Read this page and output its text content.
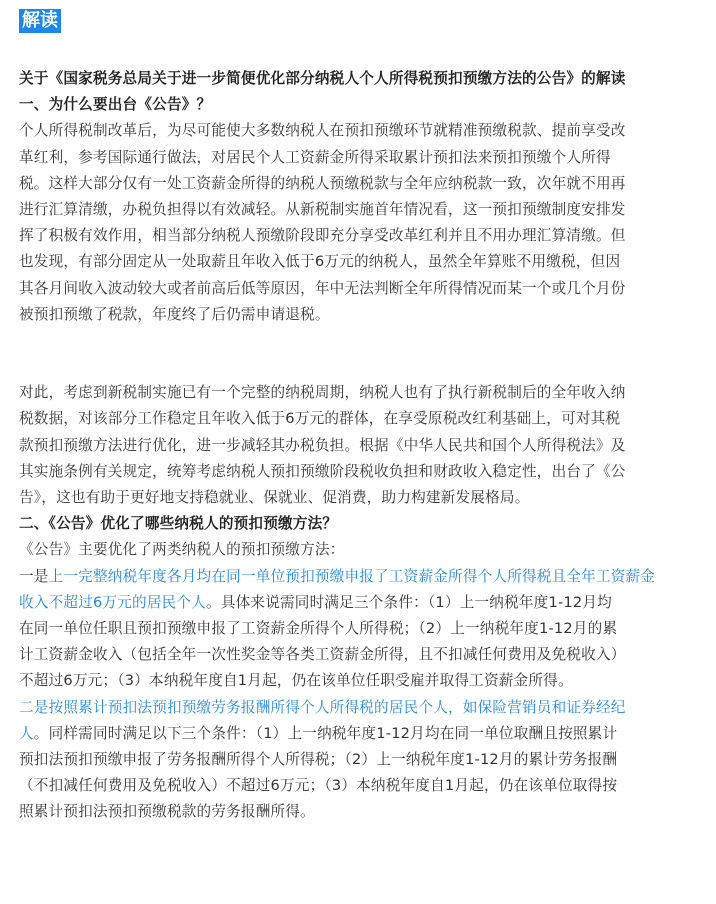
解读
关于《国家税务总局关于进一步简便优化部分纳税人个人所得税预扣预缴方法的公告》的解读
一、为什么要出台《公告》？
个人所得税制改革后，为尽可能使大多数纳税人在预扣预缴环节就精准预缴税款、提前享受改
革红利，参考国际通行做法，对居民个人工资薪金所得采取累计预扣法来预扣预缴个人所得
税。这样大部分仅有一处工资薪金所得的纳税人预缴税款与全年应纳税款一致，次年就不用再
进行汇算清缴，办税负担得以有效减轻。从新税制实施首年情况看，这一预扣预缴制度安排发
挥了积极有效作用，相当部分纳税人预缴阶段即充分享受改革红利并且不用办理汇算清缴。但
也发现，有部分固定从一处取薪且年收入低于6万元的纳税人，虽然全年算账不用缴税，但因
其各月间收入波动较大或者前高后低等原因，年中无法判断全年所得情况而某一个或几个月份
被预扣预缴了税款，年度终了后仍需申请退税。
对此，考虑到新税制实施已有一个完整的纳税周期，纳税人也有了执行新税制后的全年收入纳
税数据，对该部分工作稳定且年收入低于6万元的群体，在享受原税改红利基础上，可对其税
款预扣预缴方法进行优化，进一步减轻其办税负担。根据《中华人民共和国个人所得税法》及
其实施条例有关规定，统筹考虑纳税人预扣预缴阶段税收负担和财政收入稳定性，出台了《公
告》，这也有助于更好地支持稳就业、保就业、促消费，助力构建新发展格局。
二、《公告》优化了哪些纳税人的预扣预缴方法？
《公告》主要优化了两类纳税人的预扣预缴方法：
一是上一完整纳税年度各月均在同一单位预扣预缴申报了工资薪金所得个人所得税且全年工资薪金
收入不超过6万元的居民个人。具体来说需同时满足三个条件：（1）上一纳税年度1-12月均
在同一单位任职且预扣预缴申报了工资薪金所得个人所得税；（2）上一纳税年度1-12月的累
计工资薪金收入（包括全年一次性奖金等各类工资薪金所得，且不扣减任何费用及免税收入）
不超过6万元；（3）本纳税年度自1月起，仍在该单位任职受雇并取得工资薪金所得。
二是按照累计预扣法预扣预缴劳务报酬所得个人所得税的居民个人，如保险营销员和证券经纪
人。同样需同时满足以下三个条件：（1）上一纳税年度1-12月均在同一单位取酬且按照累计
预扣法预扣预缴申报了劳务报酬所得个人所得税；（2）上一纳税年度1-12月的累计劳务报酬
（不扣减任何费用及免税收入）不超过6万元；（3）本纳税年度自1月起，仍在该单位取得按
照累计预扣法预扣预缴税款的劳务报酬所得。
